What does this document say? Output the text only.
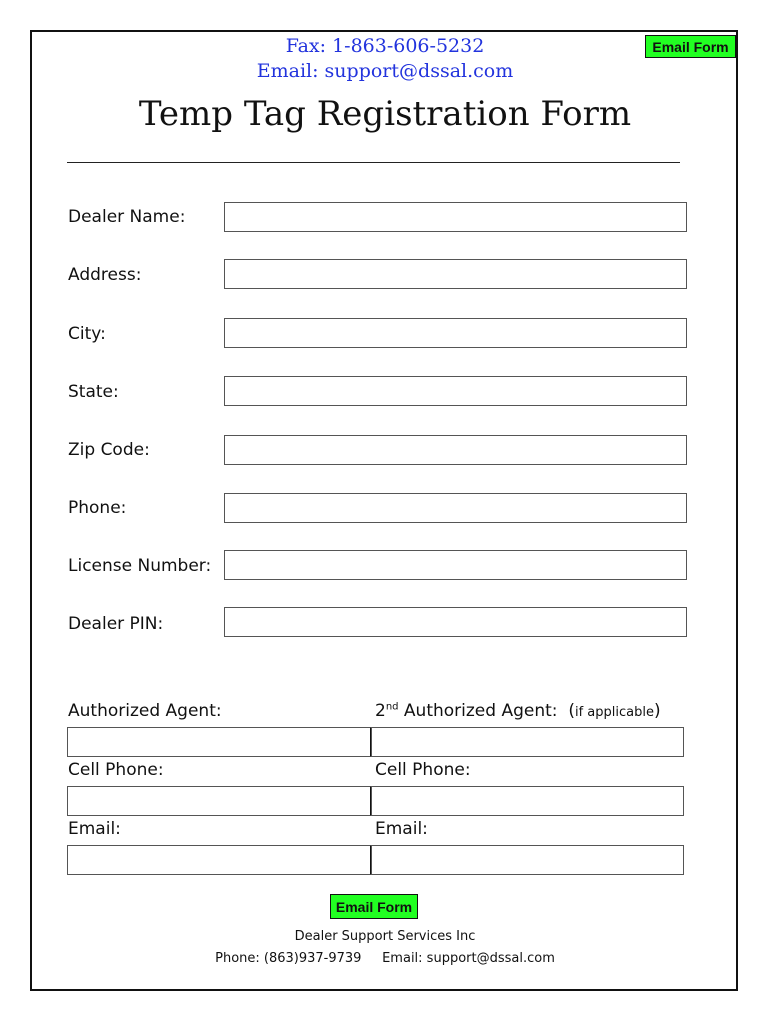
Fax: 1-863-606-5232
Email: support@dssal.com
Email Form
Temp Tag Registration Form
Dealer Name:
Address:
City:
State:
Zip Code:
Phone:
License Number:
Dealer PIN:
Authorized Agent:	2nd Authorized Agent: (if applicable)
Cell Phone:	Cell Phone:
Email:	Email:
Email Form
Dealer Support Services Inc
Phone: (863)937-9739     Email: support@dssal.com
